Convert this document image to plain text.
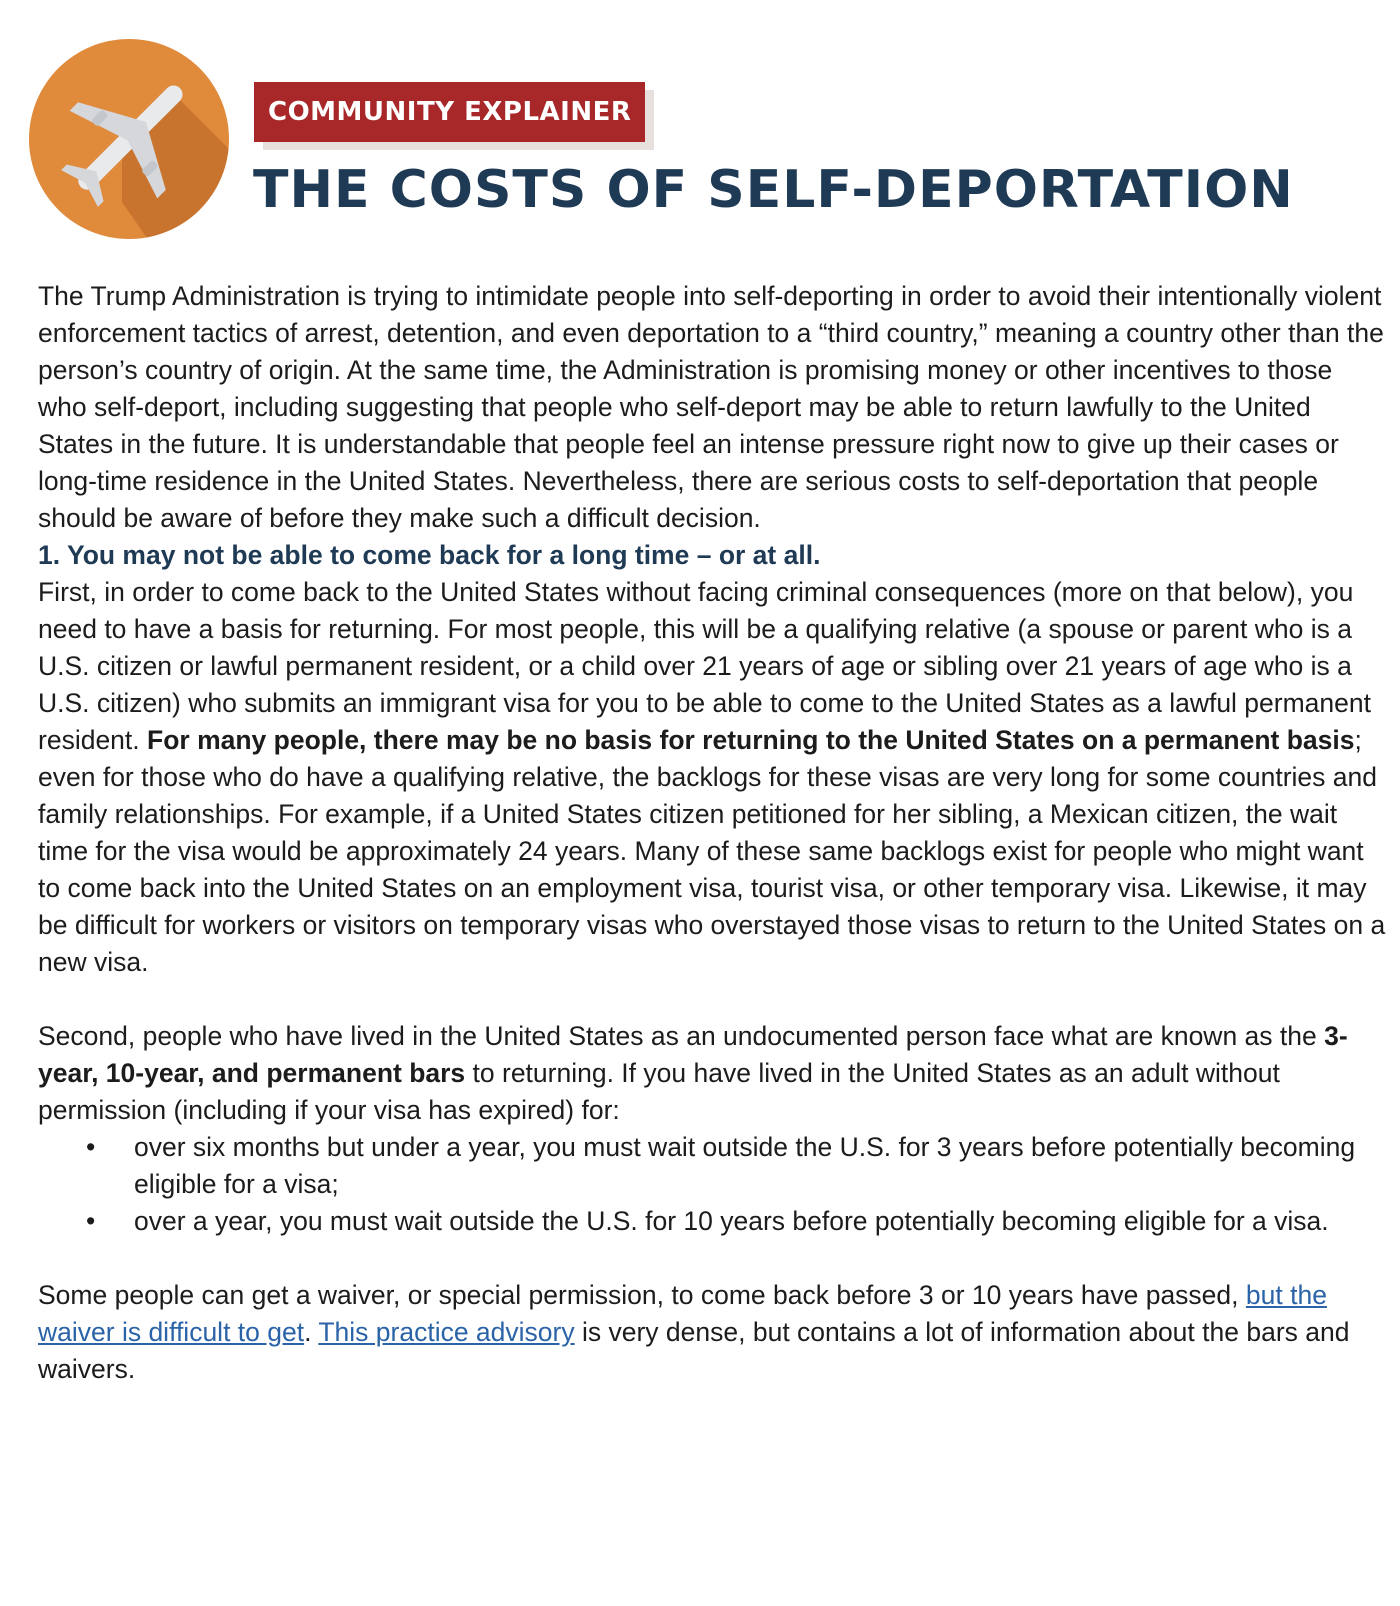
COMMUNITY EXPLAINER
THE COSTS OF SELF-DEPORTATION

The Trump Administration is trying to intimidate people into self-deporting in order to avoid their intentionally violent enforcement tactics of arrest, detention, and even deportation to a “third country,” meaning a country other than the person’s country of origin. At the same time, the Administration is promising money or other incentives to those who self-deport, including suggesting that people who self-deport may be able to return lawfully to the United States in the future. It is understandable that people feel an intense pressure right now to give up their cases or long-time residence in the United States. Nevertheless, there are serious costs to self-deportation that people should be aware of before they make such a difficult decision.

1. You may not be able to come back for a long time – or at all.

First, in order to come back to the United States without facing criminal consequences (more on that below), you need to have a basis for returning. For most people, this will be a qualifying relative (a spouse or parent who is a U.S. citizen or lawful permanent resident, or a child over 21 years of age or sibling over 21 years of age who is a U.S. citizen) who submits an immigrant visa for you to be able to come to the United States as a lawful permanent resident. For many people, there may be no basis for returning to the United States on a permanent basis; even for those who do have a qualifying relative, the backlogs for these visas are very long for some countries and family relationships. For example, if a United States citizen petitioned for her sibling, a Mexican citizen, the wait time for the visa would be approximately 24 years. Many of these same backlogs exist for people who might want to come back into the United States on an employment visa, tourist visa, or other temporary visa. Likewise, it may be difficult for workers or visitors on temporary visas who overstayed those visas to return to the United States on a new visa.

Second, people who have lived in the United States as an undocumented person face what are known as the 3-year, 10-year, and permanent bars to returning. If you have lived in the United States as an adult without permission (including if your visa has expired) for:

• over six months but under a year, you must wait outside the U.S. for 3 years before potentially becoming eligible for a visa;
• over a year, you must wait outside the U.S. for 10 years before potentially becoming eligible for a visa.

Some people can get a waiver, or special permission, to come back before 3 or 10 years have passed, but the waiver is difficult to get. This practice advisory is very dense, but contains a lot of information about the bars and waivers.
